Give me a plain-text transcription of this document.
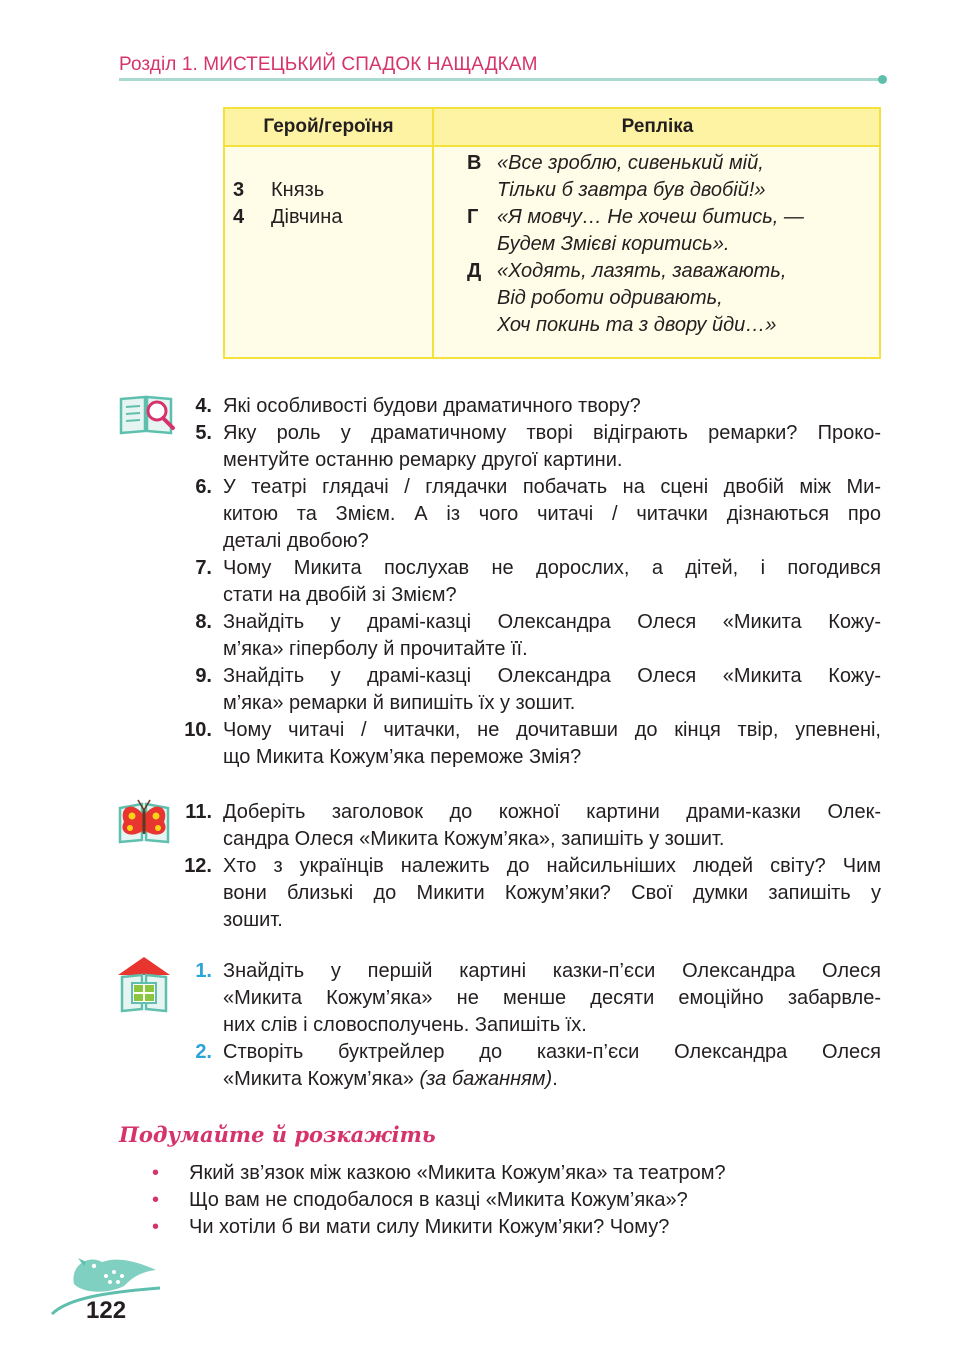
Розділ 1. МИСТЕЦЬКИЙ СПАДОК НАЩАДКАМ
Герой/героїня	Репліка
3 Князь
4 Дівчина
В «Все зроблю, сивенький мій,
Тільки б завтра був двобій!»
Г «Я мовчу… Не хочеш битись, —
Будем Змієві коритись».
Д «Ходять, лазять, заважають,
Від роботи одривають,
Хоч покинь та з двору йди…»
4. Які особливості будови драматичного твору?
5. Яку роль у драматичному творі відіграють ремарки? Проко-
ментуйте останню ремарку другої картини.
6. У театрі глядачі / глядачки побачать на сцені двобій між Ми-
китою та Змієм. А із чого читачі / читачки дізнаються про
деталі двобою?
7. Чому Микита послухав не дорослих, а дітей, і погодився
стати на двобій зі Змієм?
8. Знайдіть у драмі-казці Олександра Олеся «Микита Кожу-
м’яка» гіперболу й прочитайте її.
9. Знайдіть у драмі-казці Олександра Олеся «Микита Кожу-
м’яка» ремарки й випишіть їх у зошит.
10. Чому читачі / читачки, не дочитавши до кінця твір, упевнені,
що Микита Кожум’яка переможе Змія?
11. Доберіть заголовок до кожної картини драми-казки Олек-
сандра Олеся «Микита Кожум’яка», запишіть у зошит.
12. Хто з українців належить до найсильніших людей світу? Чим
вони близькі до Микити Кожум’яки? Свої думки запишіть у
зошит.
1. Знайдіть у першій картині казки-п’єси Олександра Олеся
«Микита Кожум’яка» не менше десяти емоційно забарвле-
них слів і словосполучень. Запишіть їх.
2. Створіть буктрейлер до казки-п’єси Олександра Олеся
«Микита Кожум’яка» (за бажанням).
Подумайте й розкажіть
• Який зв’язок між казкою «Микита Кожум’яка» та театром?
• Що вам не сподобалося в казці «Микита Кожум’яка»?
• Чи хотіли б ви мати силу Микити Кожум’яки? Чому?
122
